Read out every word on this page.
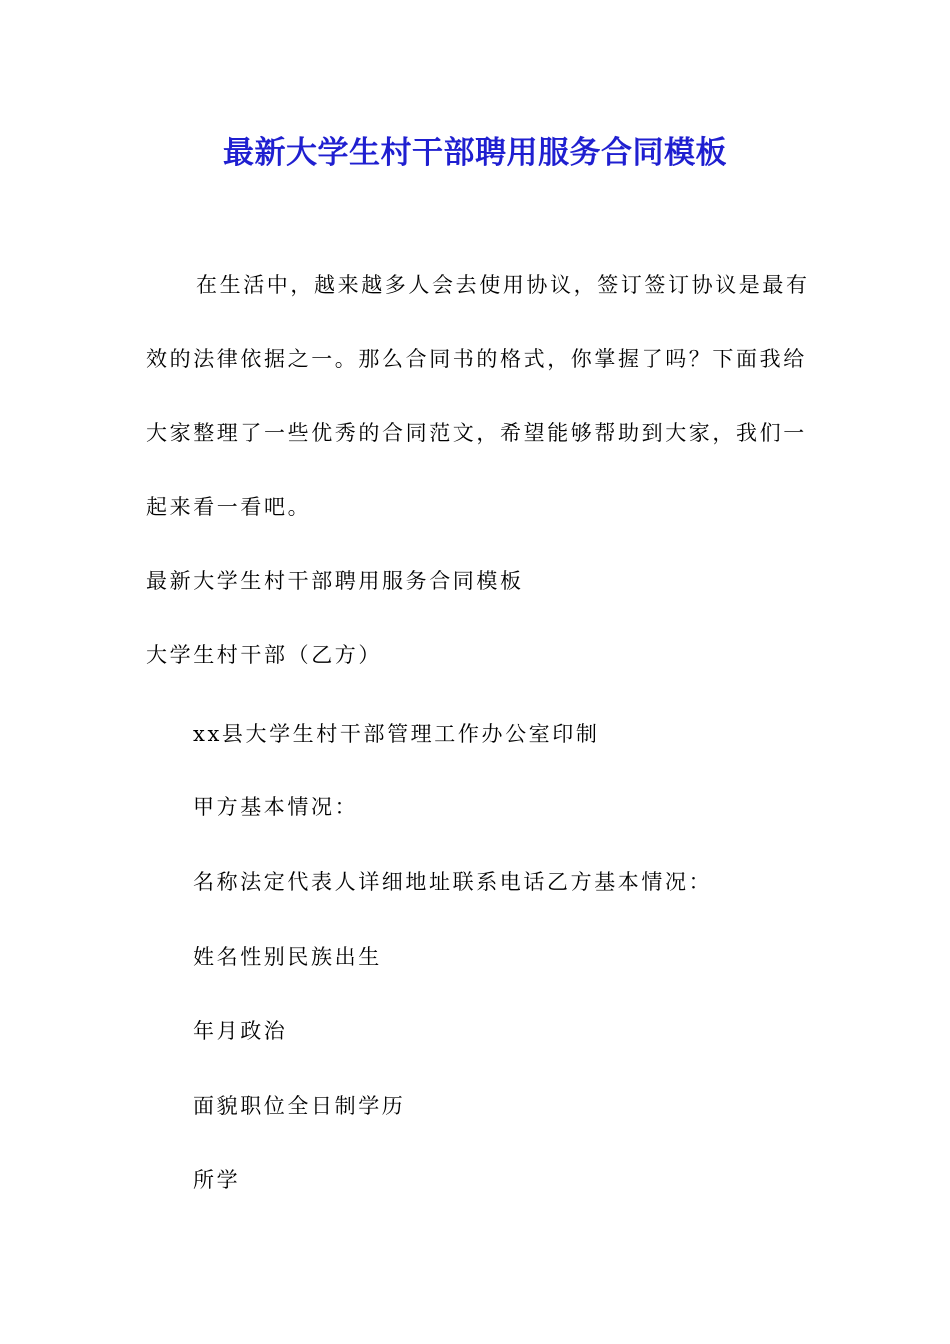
最新大学生村干部聘用服务合同模板
在生活中，越来越多人会去使用协议，签订签订协议是最有效的法律依据之一。那么合同书的格式，你掌握了吗？下面我给大家整理了一些优秀的合同范文，希望能够帮助到大家，我们一起来看一看吧。
最新大学生村干部聘用服务合同模板大学生村干部（乙方）
xx县大学生村干部管理工作办公室印制
甲方基本情况：
名称法定代表人详细地址联系电话乙方基本情况：
姓名性别民族出生
年月政治
面貌职位全日制学历
所学
